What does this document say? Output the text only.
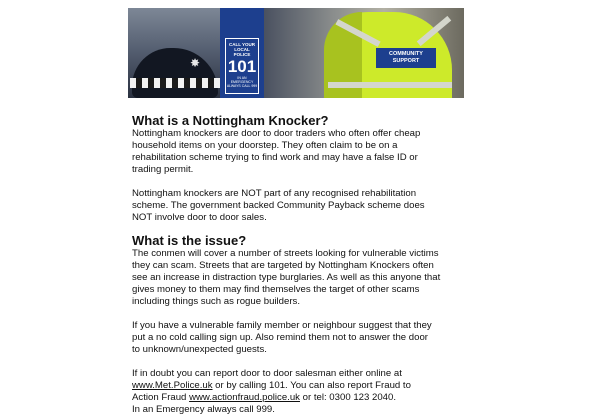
✸
CALL YOUR
LOCAL
POLICE
101
IN AN EMERGENCY
ALWAYS CALL 999
COMMUNITY
SUPPORT
What is a Nottingham Knocker?

Nottingham knockers are door to door traders who often offer cheap
household items on your doorstep. They often claim to be on a
rehabilitation scheme trying to find work and may have a false ID or
trading permit.

Nottingham knockers are NOT part of any recognised rehabilitation
scheme. The government backed Community Payback scheme does
NOT involve door to door sales.

What is the issue?

The conmen will cover a number of streets looking for vulnerable victims
they can scam. Streets that are targeted by Nottingham Knockers often
see an increase in distraction type burglaries. As well as this anyone that
gives money to them may find themselves the target of other scams
including things such as rogue builders.

If you have a vulnerable family member or neighbour suggest that they
put a no cold calling sign up. Also remind them not to answer the door
to unknown/unexpected guests.

If in doubt you can report door to door salesman either online at
www.Met.Police.uk or by calling 101. You can also report Fraud to
Action Fraud www.actionfraud.police.uk or tel: 0300 123 2040.
In an Emergency always call 999.
